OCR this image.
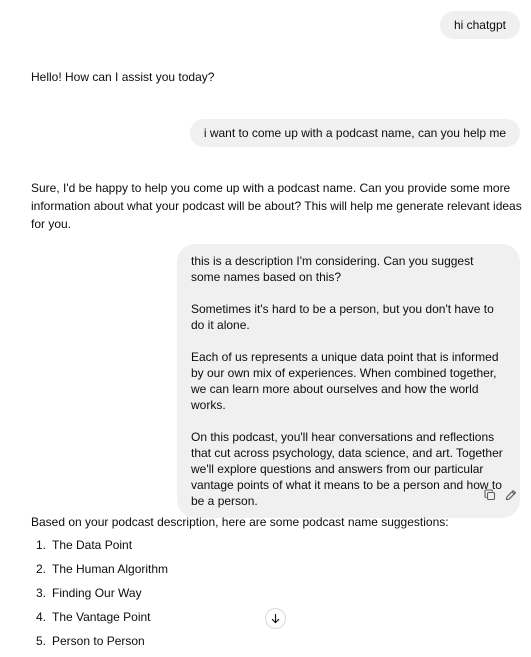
hi chatgpt

Hello! How can I assist you today?

i want to come up with a podcast name, can you help me

Sure, I'd be happy to help you come up with a podcast name. Can you provide some more information about what your podcast will be about? This will help me generate relevant ideas for you.

this is a description I'm considering. Can you suggest some names based on this?

Sometimes it's hard to be a person, but you don't have to do it alone.

Each of us represents a unique data point that is informed by our own mix of experiences. When combined together, we can learn more about ourselves and how the world works.

On this podcast, you'll hear conversations and reflections that cut across psychology, data science, and art. Together we'll explore questions and answers from our particular vantage points of what it means to be a person and how to be a person.

Based on your podcast description, here are some podcast name suggestions:

1. The Data Point
2. The Human Algorithm
3. Finding Our Way
4. The Vantage Point
5. Person to Person
